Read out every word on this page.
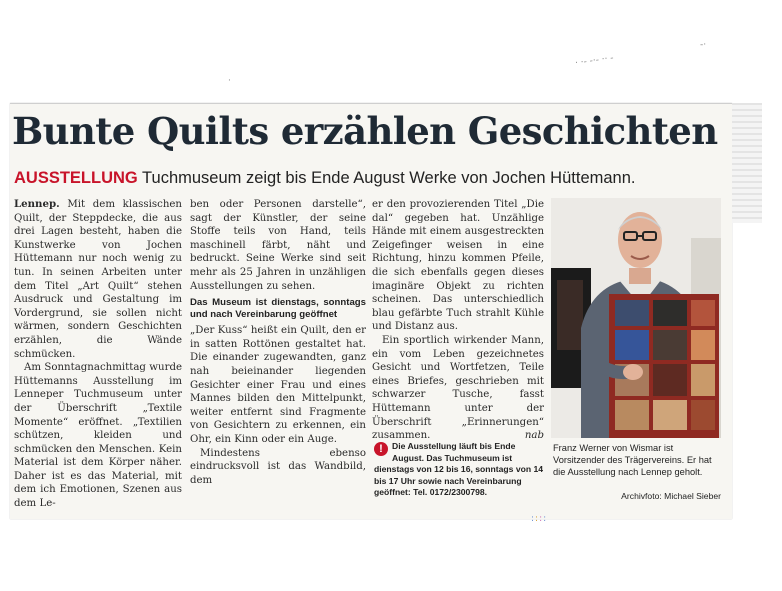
·
· ·‑ ‑·‑ ·· ‑
‑·
Bunte Quilts erzählen Geschichten
AUSSTELLUNG Tuchmuseum zeigt bis Ende August Werke von Jochen Hüttemann.

Lennep. Mit dem klassischen Quilt, der Steppdecke, die aus drei Lagen besteht, haben die Kunstwerke von Jochen Hüttemann nur noch wenig zu tun. In seinen Arbeiten unter dem Titel „Art Quilt“ stehen Ausdruck und Gestaltung im Vordergrund, sie sollen nicht wärmen, sondern Geschichten erzählen, die Wände schmücken.

Am Sonntagnachmittag wurde Hüttemanns Ausstellung im Lenneper Tuchmuseum unter der Überschrift „Textile Momente“ eröffnet. „Textilien schützen, kleiden und schmücken den Menschen. Kein Material ist dem Körper näher. Daher ist es das Material, mit dem ich Emotionen, Szenen aus dem Le-

ben oder Personen darstelle“, sagt der Künstler, der seine Stoffe teils von Hand, teils maschinell färbt, näht und bedruckt. Seine Werke sind seit mehr als 25 Jahren in unzähligen Ausstellungen zu sehen.

Das Museum ist dienstags, sonntags und nach Vereinbarung geöffnet

„Der Kuss“ heißt ein Quilt, den er in satten Rottönen gestaltet hat. Die einander zugewandten, ganz nah beieinander liegenden Gesichter einer Frau und eines Mannes bilden den Mittelpunkt, weiter entfernt sind Fragmente von Gesichtern zu erkennen, ein Ohr, ein Kinn oder ein Auge.

Mindestens ebenso eindrucksvoll ist das Wandbild, dem

er den provozierenden Titel „Die dal“ gegeben hat. Unzählige Hände mit einem ausgestreckten Zeigefinger weisen in eine Richtung, hinzu kommen Pfeile, die sich ebenfalls gegen dieses imaginäre Objekt zu richten scheinen. Das unterschiedlich blau gefärbte Tuch strahlt Kühle und Distanz aus.

Ein sportlich wirkender Mann, ein vom Leben gezeichnetes Gesicht und Wortfetzen, Teile eines Briefes, geschrieben mit schwarzer Tusche, fasst Hüttemann unter der Überschrift „Erinnerungen“ zusammen.	nab

!	Die Ausstellung läuft bis Ende August. Das Tuchmuseum ist dienstags von 12 bis 16, sonntags von 14 bis 17 Uhr sowie nach Vereinbarung geöffnet: Tel. 0172/2300798.
Franz Werner von Wismar ist Vorsitzender des Trägervereins. Er hat die Ausstellung nach Lennep geholt.
Archivfoto: Michael Sieber
::::
